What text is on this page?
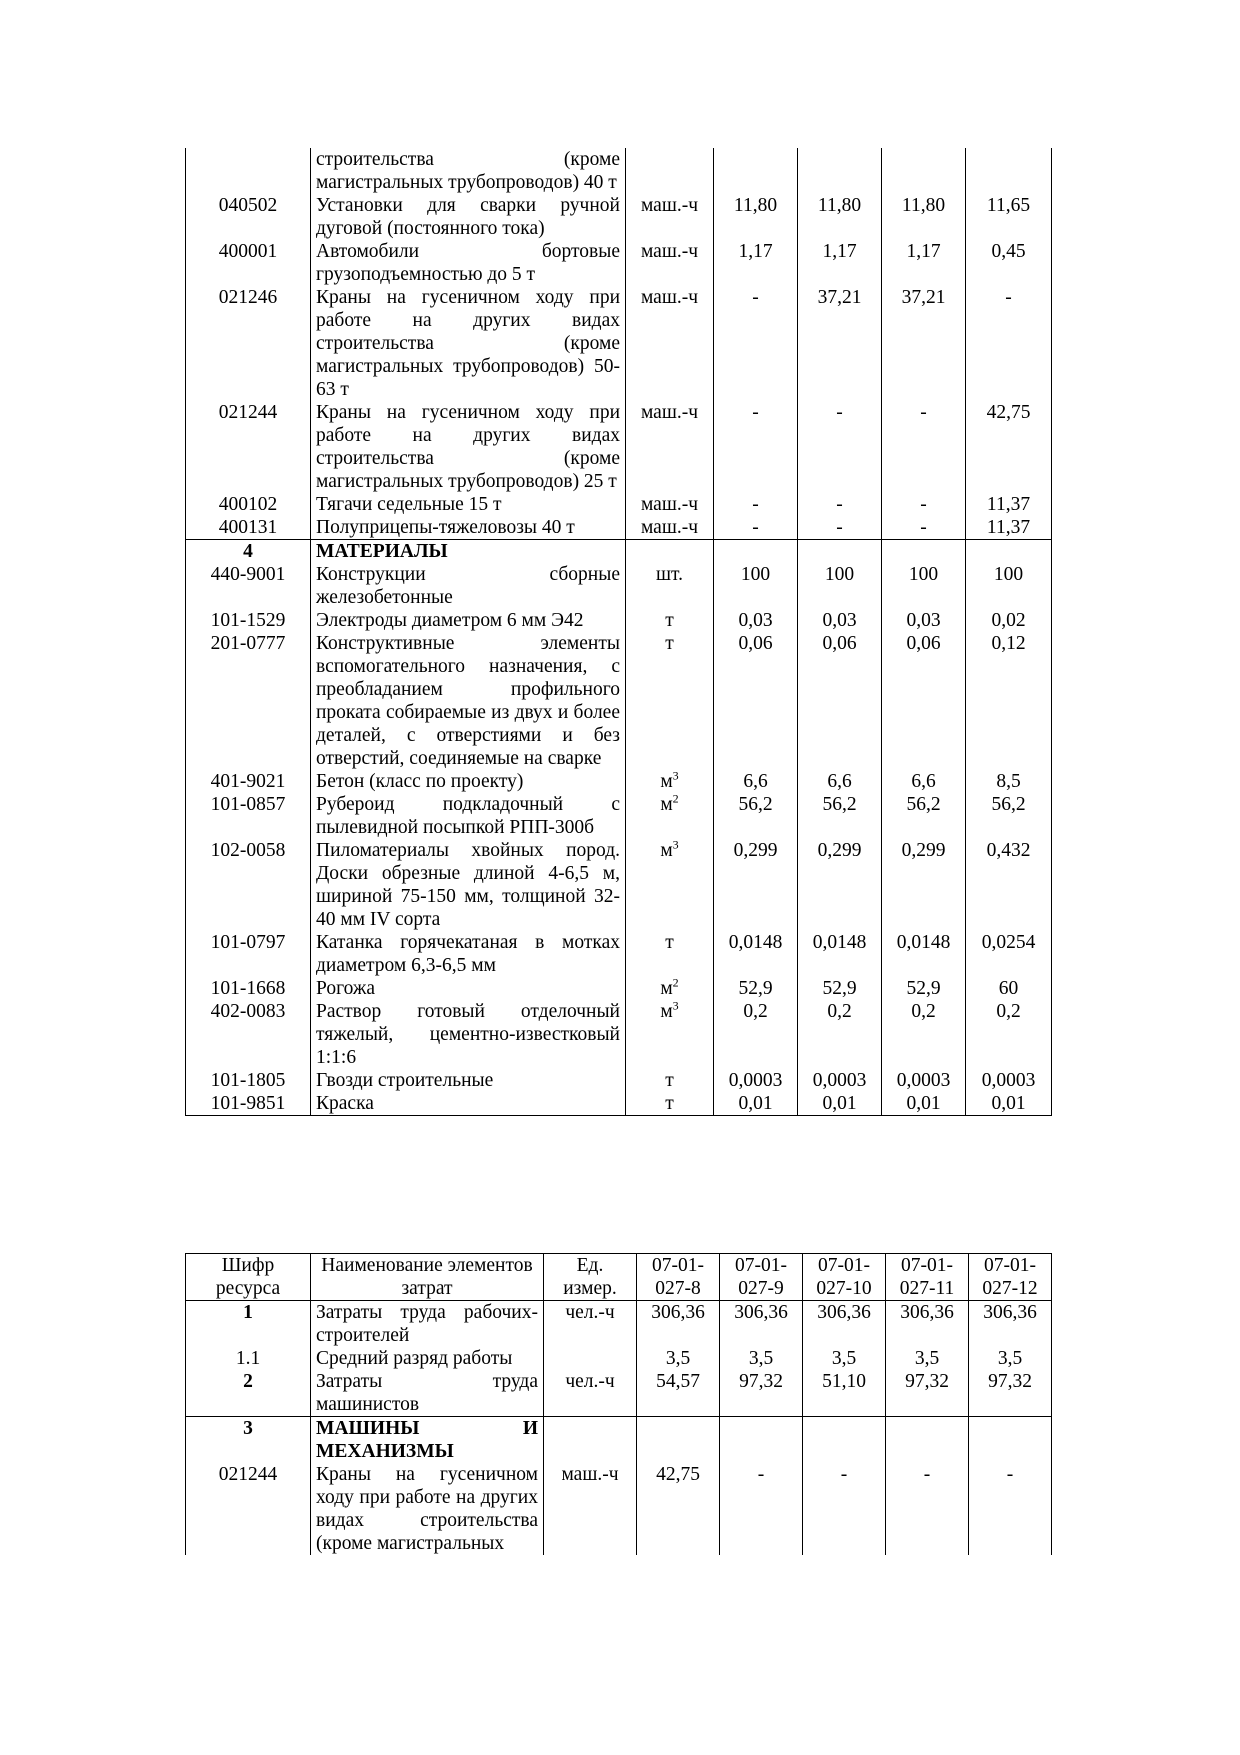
	строительства (кроме магистральных трубопроводов) 40 т					
040502	Установки для сварки ручной дуговой (постоянного тока)	маш.-ч	11,80	11,80	11,80	11,65
400001	Автомобили бортовые грузоподъемностью до 5 т	маш.-ч	1,17	1,17	1,17	0,45
021246	Краны на гусеничном ходу при работе на других видах строительства (кроме магистральных трубопроводов) 50-63 т	маш.-ч	-	37,21	37,21	-
021244	Краны на гусеничном ходу при работе на других видах строительства (кроме магистральных трубопроводов) 25 т	маш.-ч	-	-	-	42,75
400102	Тягачи седельные 15 т	маш.-ч	-	-	-	11,37
400131	Полуприцепы-тяжеловозы 40 т	маш.-ч	-	-	-	11,37
4	МАТЕРИАЛЫ					
440-9001	Конструкции сборные железобетонные	шт.	100	100	100	100
101-1529	Электроды диаметром 6 мм Э42	т	0,03	0,03	0,03	0,02
201-0777	Конструктивные элементы вспомогательного назначения, с преобладанием профильного проката собираемые из двух и более деталей, с отверстиями и без отверстий, соединяемые на сварке	т	0,06	0,06	0,06	0,12
401-9021	Бетон (класс по проекту)	$м^3$	6,6	6,6	6,6	8,5
101-0857	Рубероид подкладочный с пылевидной посыпкой РПП-300б	$м^2$	56,2	56,2	56,2	56,2
102-0058	Пиломатериалы хвойных пород. Доски обрезные длиной 4-6,5 м, шириной 75-150 мм, толщиной 32-40 мм IV сорта	$м^3$	0,299	0,299	0,299	0,432
101-0797	Катанка горячекатаная в мотках диаметром 6,3-6,5 мм	т	0,0148	0,0148	0,0148	0,0254
101-1668	Рогожа	$м^2$	52,9	52,9	52,9	60
402-0083	Раствор готовый отделочный тяжелый, цементно-известковый 1:1:6	$м^3$	0,2	0,2	0,2	0,2
101-1805	Гвозди строительные	т	0,0003	0,0003	0,0003	0,0003
101-9851	Краска	т	0,01	0,01	0,01	0,01
Шифр ресурса	Наименование элементов затрат	Ед. измер.	07-01-027-8	07-01-027-9	07-01-027-10	07-01-027-11	07-01-027-12
1	Затраты труда рабочих-строителей	чел.-ч	306,36	306,36	306,36	306,36	306,36
1.1	Средний разряд работы		3,5	3,5	3,5	3,5	3,5
2	Затраты труда машинистов	чел.-ч	54,57	97,32	51,10	97,32	97,32
3	МАШИНЫ И МЕХАНИЗМЫ						
021244	Краны на гусеничном ходу при работе на других видах строительства (кроме магистральных	маш.-ч	42,75	-	-	-	-
